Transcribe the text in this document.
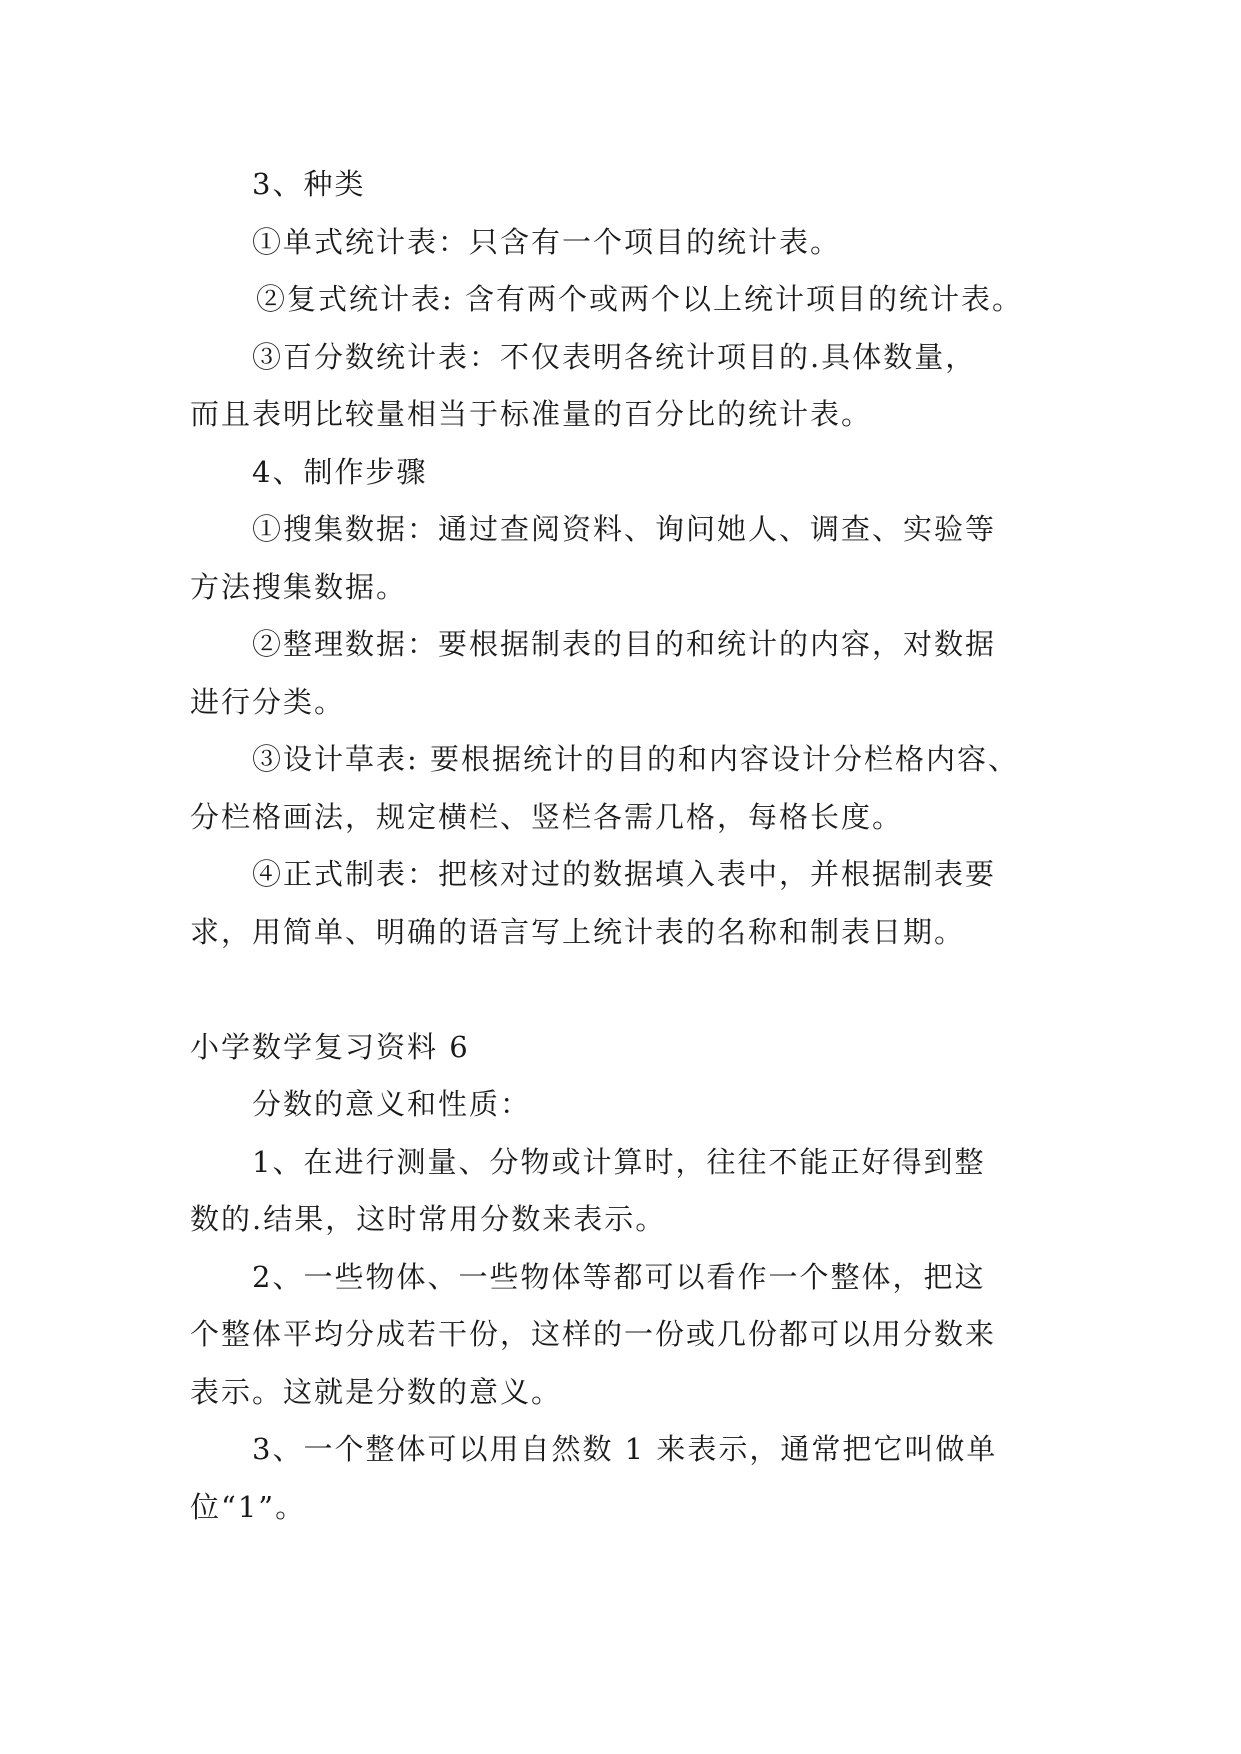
3、种类
①单式统计表：只含有一个项目的统计表。
②复式统计表: 含有两个或两个以上统计项目的统计表。
③百分数统计表：不仅表明各统计项目的.具体数量，
而且表明比较量相当于标准量的百分比的统计表。
4、制作步骤
①搜集数据：通过查阅资料、询问她人、调查、实验等
方法搜集数据。
②整理数据：要根据制表的目的和统计的内容，对数据
进行分类。
③设计草表: 要根据统计的目的和内容设计分栏格内容、
分栏格画法，规定横栏、竖栏各需几格，每格长度。
④正式制表：把核对过的数据填入表中，并根据制表要
求，用简单、明确的语言写上统计表的名称和制表日期。
小学数学复习资料 6
分数的意义和性质：
1、在进行测量、分物或计算时，往往不能正好得到整
数的.结果，这时常用分数来表示。
2、一些物体、一些物体等都可以看作一个整体，把这
个整体平均分成若干份，这样的一份或几份都可以用分数来
表示。这就是分数的意义。
3、一个整体可以用自然数 1 来表示，通常把它叫做单
位“1”。
